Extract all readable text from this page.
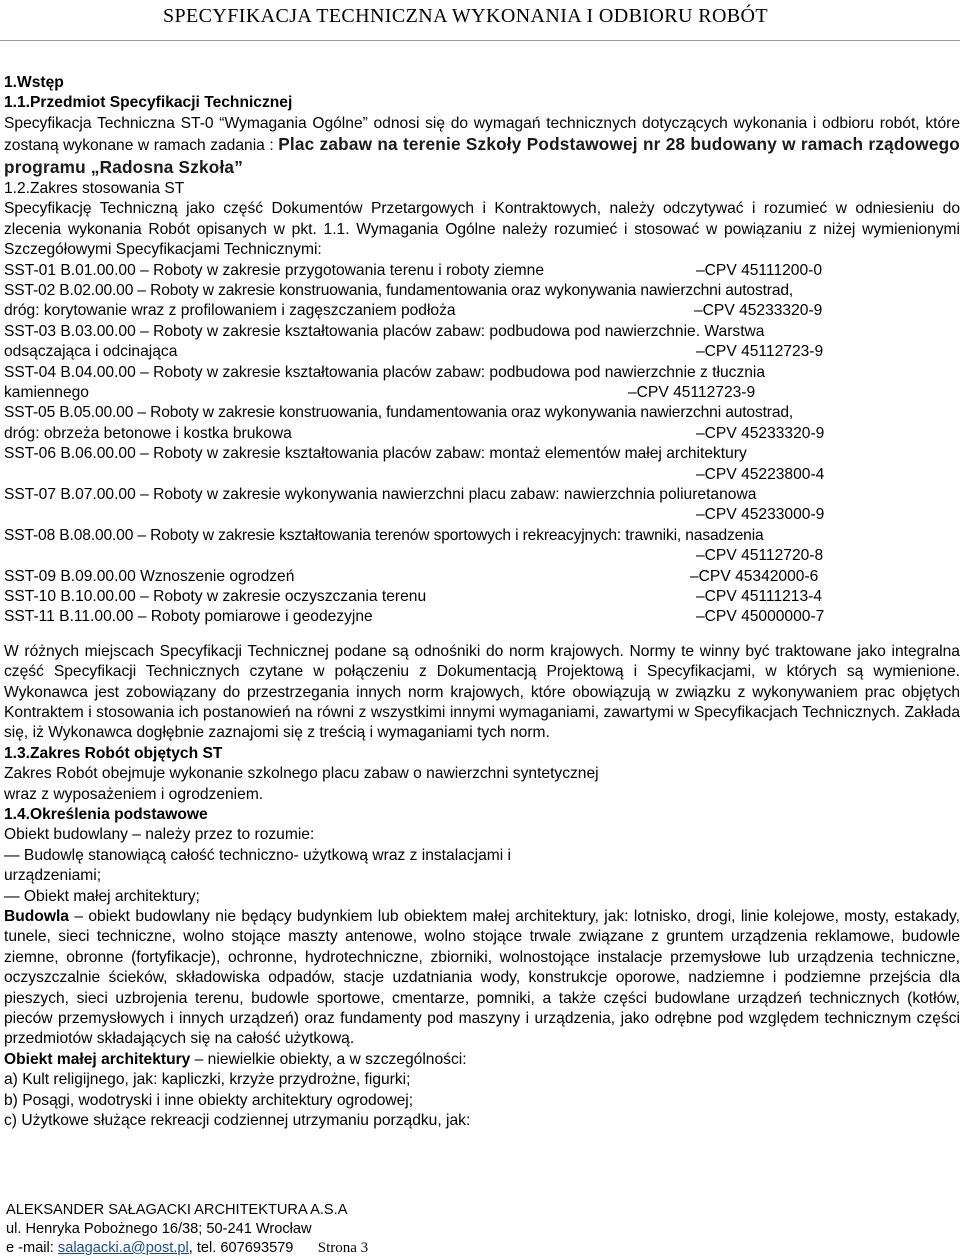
SPECYFIKACJA TECHNICZNA WYKONANIA I ODBIORU ROBÓT

1.Wstęp

1.1.Przedmiot Specyfikacji Technicznej

Specyfikacja Techniczna ST-0 “Wymagania Ogólne” odnosi się do wymagań technicznych dotyczących wykonania i odbioru robót, które zostaną wykonane w ramach zadania : Plac zabaw na terenie Szkoły Podstawowej nr 28 budowany w ramach rządowego programu „Radosna Szkoła”

1.2.Zakres stosowania ST

Specyfikację Techniczną jako część Dokumentów Przetargowych i Kontraktowych, należy odczytywać i rozumieć w odniesieniu do zlecenia wykonania Robót opisanych w pkt. 1.1. Wymagania Ogólne należy rozumieć i stosować w powiązaniu z niżej wymienionymi Szczegółowymi Specyfikacjami Technicznymi:

SST-01 B.01.00.00 – Roboty w zakresie przygotowania terenu i roboty ziemne	–CPV 45111200-0
SST-02 B.02.00.00 – Roboty w zakresie konstruowania, fundamentowania oraz wykonywania nawierzchni autostrad,
dróg: korytowanie wraz z profilowaniem i zagęszczaniem podłoża	–CPV 45233320-9
SST-03 B.03.00.00 – Roboty w zakresie kształtowania placów zabaw: podbudowa pod nawierzchnie. Warstwa
odsączająca i odcinająca	–CPV 45112723-9
SST-04 B.04.00.00 – Roboty w zakresie kształtowania placów zabaw: podbudowa pod nawierzchnie z tłucznia
kamiennego	–CPV 45112723-9
SST-05 B.05.00.00 – Roboty w zakresie konstruowania, fundamentowania oraz wykonywania nawierzchni autostrad,
dróg: obrzeża betonowe i kostka brukowa	–CPV 45233320-9
SST-06 B.06.00.00 – Roboty w zakresie kształtowania placów zabaw: montaż elementów małej architektury
–CPV 45223800-4
SST-07 B.07.00.00 – Roboty w zakresie wykonywania nawierzchni placu zabaw: nawierzchnia poliuretanowa
–CPV 45233000-9
SST-08 B.08.00.00 – Roboty w zakresie kształtowania terenów sportowych i rekreacyjnych: trawniki, nasadzenia
–CPV 45112720-8
SST-09 B.09.00.00 Wznoszenie ogrodzeń	–CPV 45342000-6
SST-10 B.10.00.00 – Roboty w zakresie oczyszczania terenu	–CPV 45111213-4
SST-11 B.11.00.00 – Roboty pomiarowe i geodezyjne	–CPV 45000000-7

W różnych miejscach Specyfikacji Technicznej podane są odnośniki do norm krajowych. Normy te winny być traktowane jako integralna część Specyfikacji Technicznych czytane w połączeniu z Dokumentacją Projektową i Specyfikacjami, w których są wymienione. Wykonawca jest zobowiązany do przestrzegania innych norm krajowych, które obowiązują w związku z wykonywaniem prac objętych Kontraktem i stosowania ich postanowień na równi z wszystkimi innymi wymaganiami, zawartymi w Specyfikacjach Technicznych. Zakłada się, iż Wykonawca dogłębnie zaznajomi się z treścią i wymaganiami tych norm.

1.3.Zakres Robót objętych ST

Zakres Robót obejmuje wykonanie szkolnego placu zabaw o nawierzchni syntetycznej

wraz z wyposażeniem i ogrodzeniem.

1.4.Określenia podstawowe

Obiekt budowlany – należy przez to rozumie:

— Budowlę stanowiącą całość techniczno- użytkową wraz z instalacjami i

urządzeniami;

— Obiekt małej architektury;

Budowla – obiekt budowlany nie będący budynkiem lub obiektem małej architektury, jak: lotnisko, drogi, linie kolejowe, mosty, estakady, tunele, sieci techniczne, wolno stojące maszty antenowe, wolno stojące trwale związane z gruntem urządzenia reklamowe, budowle ziemne, obronne (fortyfikacje), ochronne, hydrotechniczne, zbiorniki, wolnostojące instalacje przemysłowe lub urządzenia techniczne, oczyszczalnie ścieków, składowiska odpadów, stacje uzdatniania wody, konstrukcje oporowe, nadziemne i podziemne przejścia dla pieszych, sieci uzbrojenia terenu, budowle sportowe, cmentarze, pomniki, a także części budowlane urządzeń technicznych (kotłów, pieców przemysłowych i innych urządzeń) oraz fundamenty pod maszyny i urządzenia, jako odrębne pod względem technicznym części przedmiotów składających się na całość użytkową.

Obiekt małej architektury – niewielkie obiekty, a w szczególności:

a) Kult religijnego, jak: kapliczki, krzyże przydrożne, figurki;

b) Posągi, wodotryski i inne obiekty architektury ogrodowej;

c) Użytkowe służące rekreacji codziennej utrzymaniu porządku, jak:

ALEKSANDER SAŁAGACKI ARCHITEKTURA A.S.A
ul. Henryka Pobożnego 16/38; 50-241 Wrocław
e -mail: salagacki.a@post.pl, tel. 607693579 Strona 3
